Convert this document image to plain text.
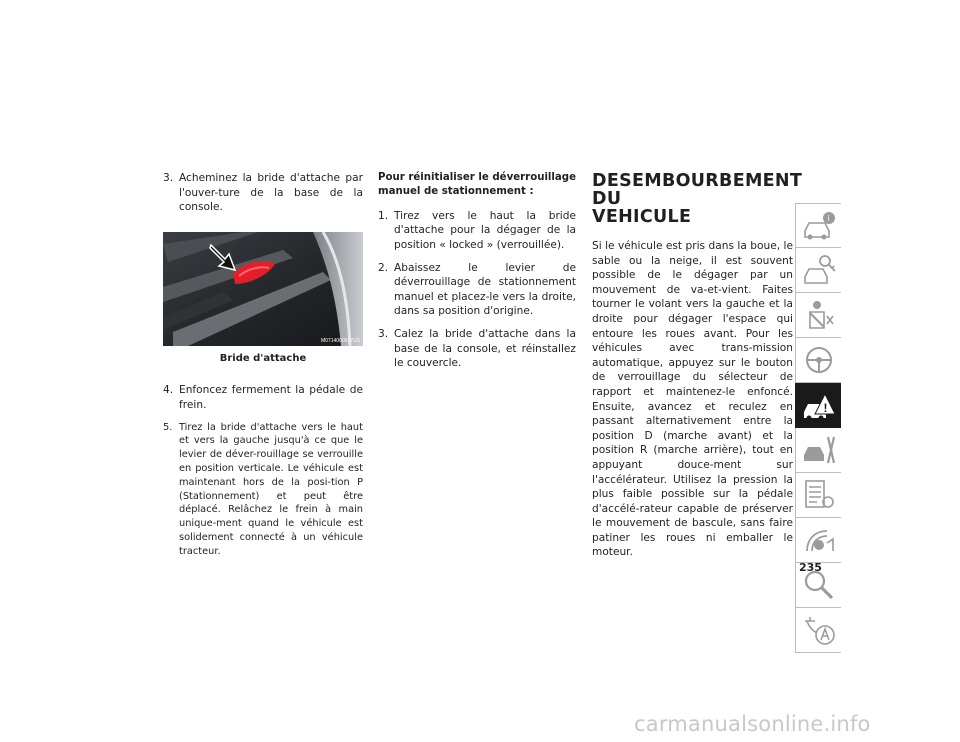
3. Acheminez la bride d'attache par l'ouver-ture de la base de la console.
M0714000017US
Bride d'attache
4. Enfoncez fermement la pédale de frein.
5. Tirez la bride d'attache vers le haut et vers la gauche jusqu'à ce que le levier de déver-rouillage se verrouille en position verticale. Le véhicule est maintenant hors de la posi-tion P (Stationnement) et peut être déplacé. Relâchez le frein à main unique-ment quand le véhicule est solidement connecté à un véhicule tracteur.
Pour réinitialiser le déverrouillage manuel de stationnement :
1. Tirez vers le haut la bride d'attache pour la dégager de la position « locked » (verrouillée).
2. Abaissez le levier de déverrouillage de stationnement manuel et placez-le vers la droite, dans sa position d'origine.
3. Calez la bride d'attache dans la base de la console, et réinstallez le couvercle.
DESEMBOURBEMENT DU
VEHICULE
Si le véhicule est pris dans la boue, le sable ou la neige, il est souvent possible de le dégager par un mouvement de va-et-vient. Faites tourner le volant vers la gauche et la droite pour dégager l'espace qui entoure les roues avant. Pour les véhicules avec trans-mission automatique, appuyez sur le bouton de verrouillage du sélecteur de rapport et maintenez-le enfoncé. Ensuite, avancez et reculez en passant alternativement entre la position D (marche avant) et la position R (marche arrière), tout en appuyant douce-ment sur l'accélérateur. Utilisez la pression la plus faible possible sur la pédale d'accélé-rateur capable de préserver le mouvement de bascule, sans faire patiner les roues ni emballer le moteur.
i
!
235
carmanualsonline.info
